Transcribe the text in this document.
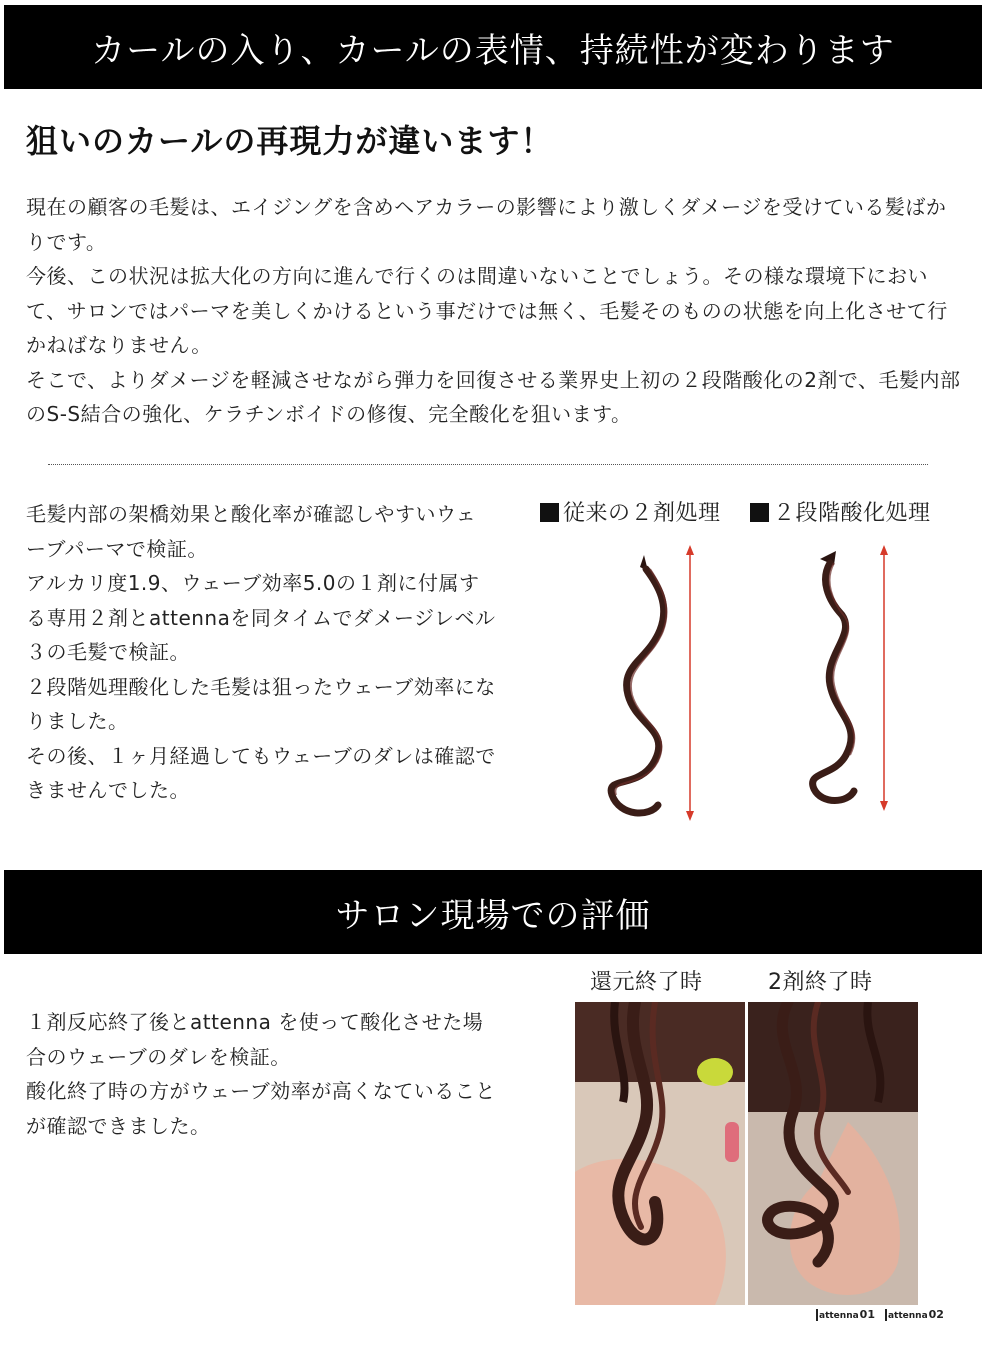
カールの入り、カールの表情、持続性が変わります
狙いのカールの再現力が違います！

現在の顧客の毛髪は、エイジングを含めヘアカラーの影響により激しくダメージを受けている髪ばかりです。

今後、この状況は拡大化の方向に進んで行くのは間違いないことでしょう。その様な環境下において、サロンではパーマを美しくかけるという事だけでは無く、毛髪そのものの状態を向上化させて行かねばなりません。

そこで、よりダメージを軽減させながら弾力を回復させる業界史上初の２段階酸化の2剤で、毛髪内部のS-S結合の強化、ケラチンボイドの修復、完全酸化を狙います。

毛髪内部の架橋効果と酸化率が確認しやすいウェーブパーマで検証。

アルカリ度1.9、ウェーブ効率5.0の１剤に付属する専用２剤とattennaを同タイムでダメージレベル３の毛髪で検証。

２段階処理酸化した毛髪は狙ったウェーブ効率になりました。

その後、１ヶ月経過してもウェーブのダレは確認できませんでした。

従来の２剤処理	２段階酸化処理
サロン現場での評価
還元終了時	2剤終了時

１剤反応終了後とattenna を使って酸化させた場合のウェーブのダレを検証。

酸化終了時の方がウェーブ効率が高くなていることが確認できました。

attenna 01 attenna 02
